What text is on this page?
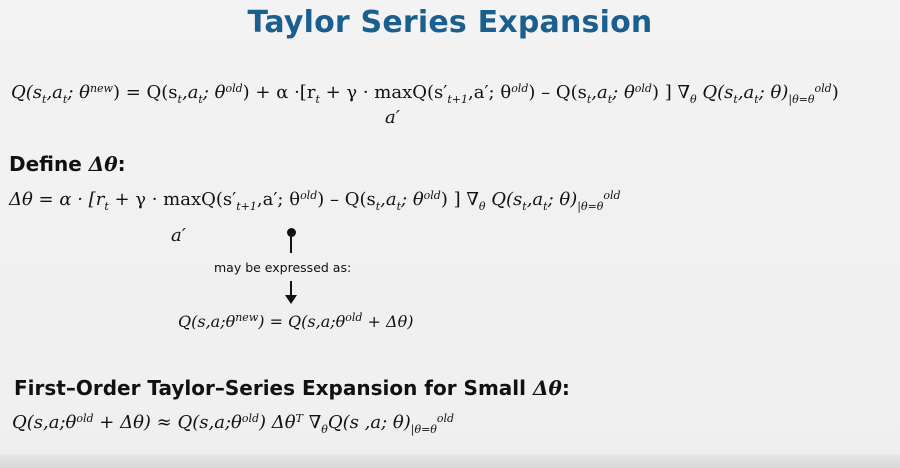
Taylor Series Expansion
$Q(s_t,a_t$; $\theta^{new}) = Q(s_t,a_t$; $\theta^{old}) + \alpha \cdot[r_t + \gamma \cdot \max Q(s'_{t+1},a'$; $\theta^{old}) - Q(s_t,a_t$; $\theta^{old}$) ] $\nabla_\theta$ $Q(s_t,a_t$; $\theta)_{|\theta=\theta}^{old}$)
a′
Define Δθ:
$\Delta\theta = \alpha \cdot [r_t + \gamma \cdot \max Q(s'_{t+1},a'$; $\theta^{old}) - Q(s_t,a_t$; $\theta^{old}$) ] $\nabla_\theta$ $Q(s_t,a_t$; $\theta)_{|\theta=\theta}^{old}$
a′
may be expressed as:
$Q(s,a;\theta^{new})$ = $Q(s,a;\theta^{old} + \Delta\theta)$
First–Order Taylor–Series Expansion for Small Δθ:
$Q(s,a;\theta^{old} + \Delta\theta)$ ≈ $Q(s,a;\theta^{old})$ $\Delta\theta^T$ $\nabla_\theta Q(s$ ,a; $\theta)_{|\theta=\theta}^{old}$
